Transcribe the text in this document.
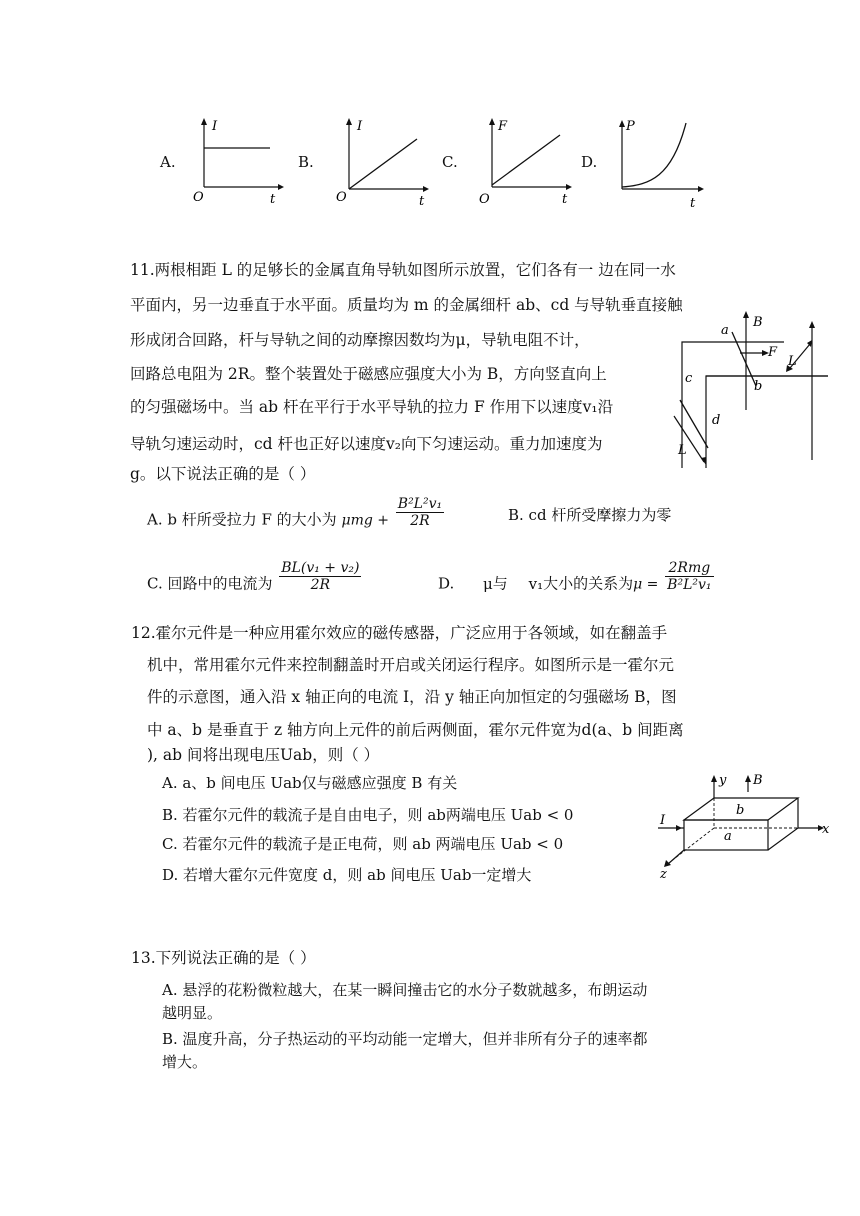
A.
I
t
O
B.
I
t
O
C.
F
t
O
D.
P
t
11.两根相距 L 的足够长的金属直角导轨如图所示放置，它们各有一 边在同一水
平面内，另一边垂直于水平面。质量均为 m 的金属细杆 ab、cd 与导轨垂直接触
形成闭合回路，杆与导轨之间的动摩擦因数均为μ，导轨电阻不计，
回路总电阻为 2R。整个装置处于磁感应强度大小为 B，方向竖直向上
的匀强磁场中。当 ab 杆在平行于水平导轨的拉力 F 作用下以速度v₁沿
导轨匀速运动时，cd 杆也正好以速度v₂向下匀速运动。重力加速度为
g。以下说法正确的是（ ）
a
B
F
L
b
c
d
L
A. b 杆所受拉力 F 的大小为 $\mu mg + \frac{\text{B²L²v₁}}{2R}$	B. cd 杆所受摩擦力为零
C. 回路中的电流为 $\frac{\text{BL(v₁ + v₂)}}{2R}$	D. μ与 v₁大小的关系为$\mu = \frac{\text{2Rmg}}{\text{B²L²v₁}}$
12.霍尔元件是一种应用霍尔效应的磁传感器，广泛应用于各领域，如在翻盖手
机中，常用霍尔元件来控制翻盖时开启或关闭运行程序。如图所示是一霍尔元
件的示意图，通入沿 x 轴正向的电流 I，沿 y 轴正向加恒定的匀强磁场 B，图
中 a、b 是垂直于 z 轴方向上元件的前后两侧面，霍尔元件宽为d(a、b 间距离
), ab 间将出现电压Uab，则（ ）
A. a、b 间电压 Uab仅与磁感应强度 B 有关
B. 若霍尔元件的载流子是自由电子，则 ab两端电压 Uab < 0
C. 若霍尔元件的载流子是正电荷，则 ab 两端电压 Uab < 0
D. 若增大霍尔元件宽度 d，则 ab 间电压 Uab一定增大
y B
I
x
b
a
z
13.下列说法正确的是（ ）
A. 悬浮的花粉微粒越大，在某一瞬间撞击它的水分子数就越多，布朗运动
越明显。
B. 温度升高，分子热运动的平均动能一定增大，但并非所有分子的速率都
增大。
